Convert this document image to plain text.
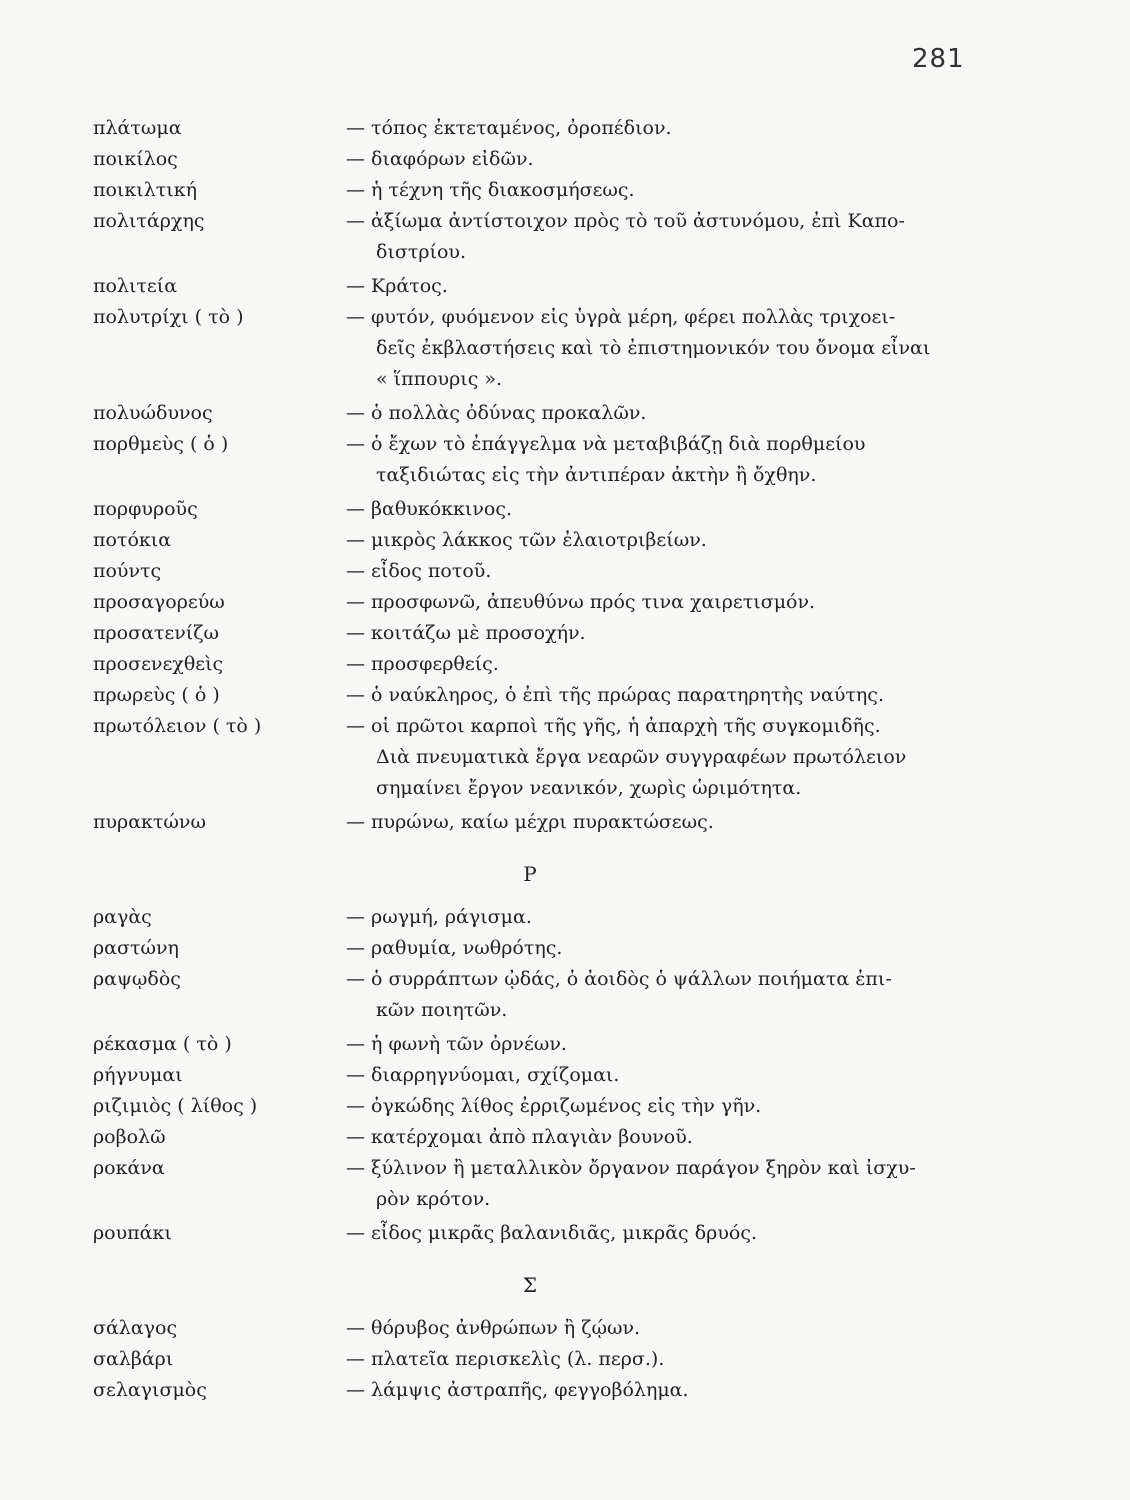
281
πλάτωμα	— τόπος ἐκτεταμένος, ὀροπέδιον.
ποικίλος	— διαφόρων εἰδῶν.
ποικιλτική	— ἡ τέχνη τῆς διακοσμήσεως.
πολιτάρχης	— ἀξίωμα ἀντίστοιχον πρὸς τὸ τοῦ ἀστυνόμου, ἐπὶ Καπο-
διστρίου.
πολιτεία	— Κράτος.
πολυτρίχι ( τὸ )	— φυτόν, φυόμενον εἰς ὑγρὰ μέρη, φέρει πολλὰς τριχοει-
δεῖς ἐκβλαστήσεις καὶ τὸ ἐπιστημονικόν του ὄνομα εἶναι
« ἵππουρις ».
πολυώδυνος	— ὁ πολλὰς ὀδύνας προκαλῶν.
πορθμεὺς ( ὁ )	— ὁ ἔχων τὸ ἐπάγγελμα νὰ μεταβιβάζῃ διὰ πορθμείου
ταξιδιώτας εἰς τὴν ἀντιπέραν ἀκτὴν ἢ ὄχθην.
πορφυροῦς	— βαθυκόκκινος.
ποτόκια	— μικρὸς λάκκος τῶν ἐλαιοτριβείων.
πούντς	— εἶδος ποτοῦ.
προσαγορεύω	— προσφωνῶ, ἀπευθύνω πρός τινα χαιρετισμόν.
προσατενίζω	— κοιτάζω μὲ προσοχήν.
προσενεχθεὶς	— προσφερθείς.
πρωρεὺς ( ὁ )	— ὁ ναύκληρος, ὁ ἐπὶ τῆς πρώρας παρατηρητὴς ναύτης.
πρωτόλειον ( τὸ )	— οἱ πρῶτοι καρποὶ τῆς γῆς, ἡ ἀπαρχὴ τῆς συγκομιδῆς.
Διὰ πνευματικὰ ἔργα νεαρῶν συγγραφέων πρωτόλειον
σημαίνει ἔργον νεανικόν, χωρὶς ὡριμότητα.
πυρακτώνω	— πυρώνω, καίω μέχρι πυρακτώσεως.
Ρ
ραγὰς	— ρωγμή, ράγισμα.
ραστώνη	— ραθυμία, νωθρότης.
ραψῳδὸς	— ὁ συρράπτων ᾠδάς, ὁ ἀοιδὸς ὁ ψάλλων ποιήματα ἐπι-
κῶν ποιητῶν.
ρέκασμα ( τὸ )	— ἡ φωνὴ τῶν ὀρνέων.
ρήγνυμαι	— διαρρηγνύομαι, σχίζομαι.
ριζιμιὸς ( λίθος )	— ὀγκώδης λίθος ἐρριζωμένος εἰς τὴν γῆν.
ροβολῶ	— κατέρχομαι ἀπὸ πλαγιὰν βουνοῦ.
ροκάνα	— ξύλινον ἢ μεταλλικὸν ὄργανον παράγον ξηρὸν καὶ ἰσχυ-
ρὸν κρότον.
ρουπάκι	— εἶδος μικρᾶς βαλανιδιᾶς, μικρᾶς δρυός.
Σ
σάλαγος	— θόρυβος ἀνθρώπων ἢ ζῴων.
σαλβάρι	— πλατεῖα περισκελὶς (λ. περσ.).
σελαγισμὸς	— λάμψις ἀστραπῆς, φεγγοβόλημα.
